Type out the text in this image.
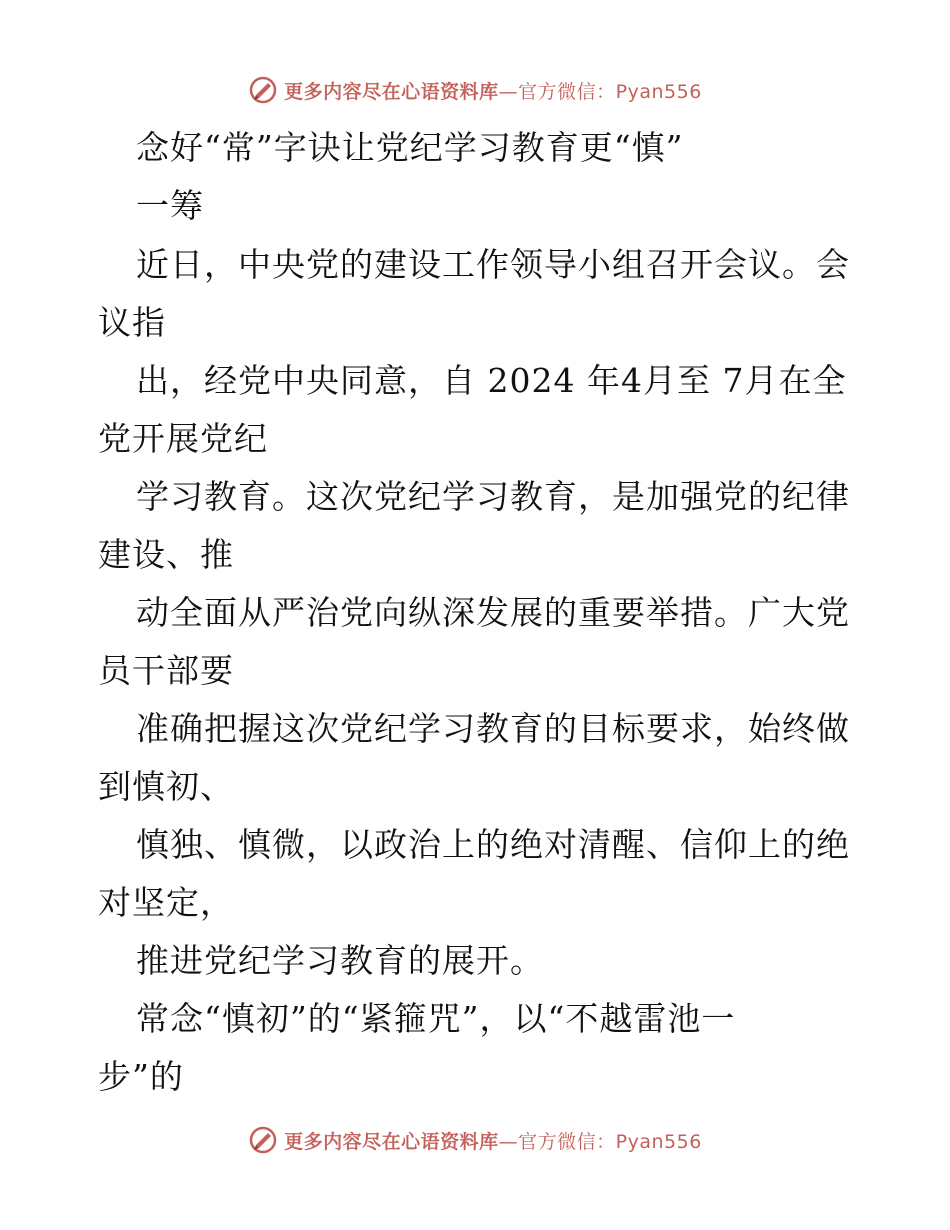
更多内容尽在心语资料库—官方微信：Pyan556
念好“常”字诀让党纪学习教育更“慎”
一筹
近日，中央党的建设工作领导小组召开会议。会
议指
出，经党中央同意，自 2024 年4月至 7月在全
党开展党纪
学习教育。这次党纪学习教育，是加强党的纪律
建设、推
动全面从严治党向纵深发展的重要举措。广大党
员干部要
准确把握这次党纪学习教育的目标要求，始终做
到慎初、
慎独、慎微，以政治上的绝对清醒、信仰上的绝
对坚定，
推进党纪学习教育的展开。
常念“慎初”的“紧箍咒”，以“不越雷池一
步”的
更多内容尽在心语资料库—官方微信：Pyan556
